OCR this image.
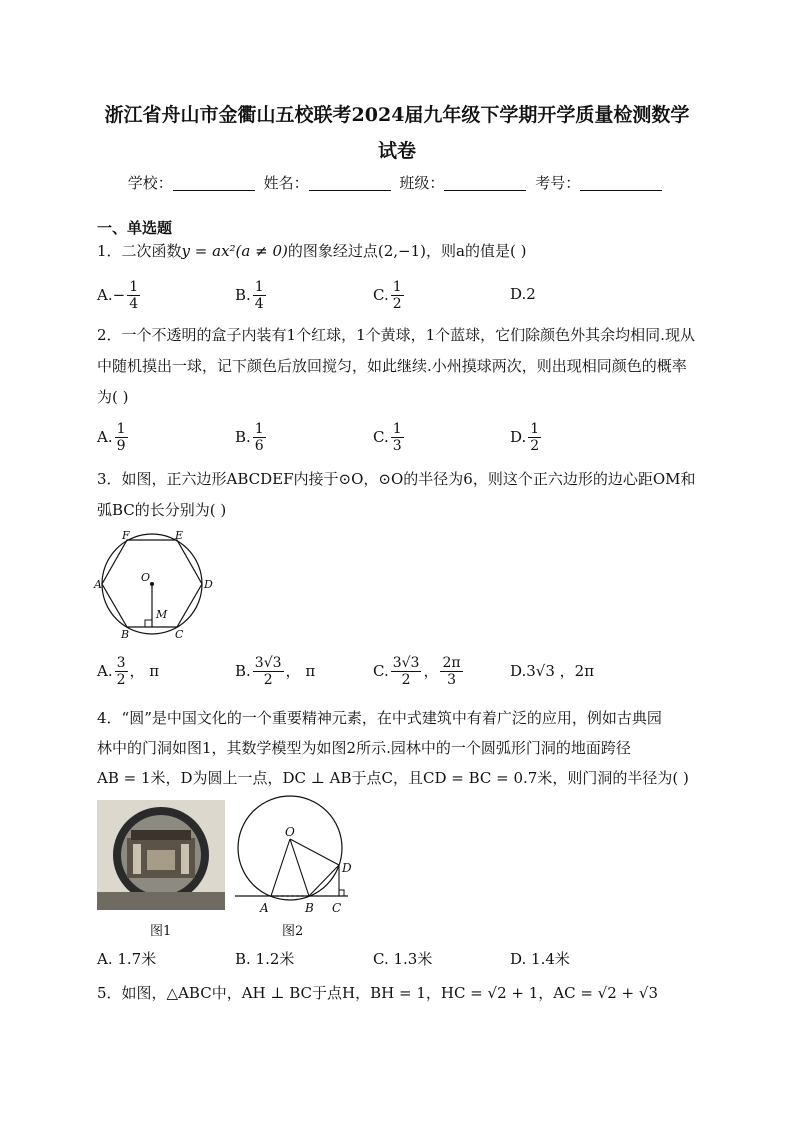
浙江省舟山市金衢山五校联考2024届九年级下学期开学质量检测数学
试卷
学校：	姓名：	班级：	考号：
一、单选题
1．二次函数y = ax²(a ≠ 0)的图象经过点(2,−1)，则a的值是( )
$A.- \frac{1}{4}$	B. $\frac{1}{4}$	C. $\frac{1}{2}$	D.2
2．一个不透明的盒子内装有1个红球，1个黄球，1个蓝球，它们除颜色外其余均相同.现从中随机摸出一球，记下颜色后放回搅匀，如此继续.小州摸球两次，则出现相同颜色的概率为( )
A. $\frac{1}{9}$	B. $\frac{1}{6}$	C. $\frac{1}{3}$	D. $\frac{1}{2}$
3．如图，正六边形ABCDEF内接于⊙O，⊙O的半径为6，则这个正六边形的边心距OM和弧BC的长分别为( )
F	E
A
O
D
M
B	C
A. $\frac{3}{2}$ ， π	B. $\frac{3√3}{2}$ ， π	C. $\frac{3√3}{2}$ ， $\frac{2\pi}{3}$	D.3√3 ，2π
4．“圆”是中国文化的一个重要精神元素，在中式建筑中有着广泛的应用，例如古典园
林中的门洞如图1，其数学模型为如图2所示.园林中的一个圆弧形门洞的地面跨径
AB = 1米，D为圆上一点，DC ⊥ AB于点C，且CD = BC = 0.7米，则门洞的半径为( )
图1
O
D
A	B C
图2
A. 1.7米	B. 1.2米	C. 1.3米	D. 1.4米
5．如图，△ABC中，AH ⊥ BC于点H，BH = 1，HC = √2 + 1，AC = √2 + √3
